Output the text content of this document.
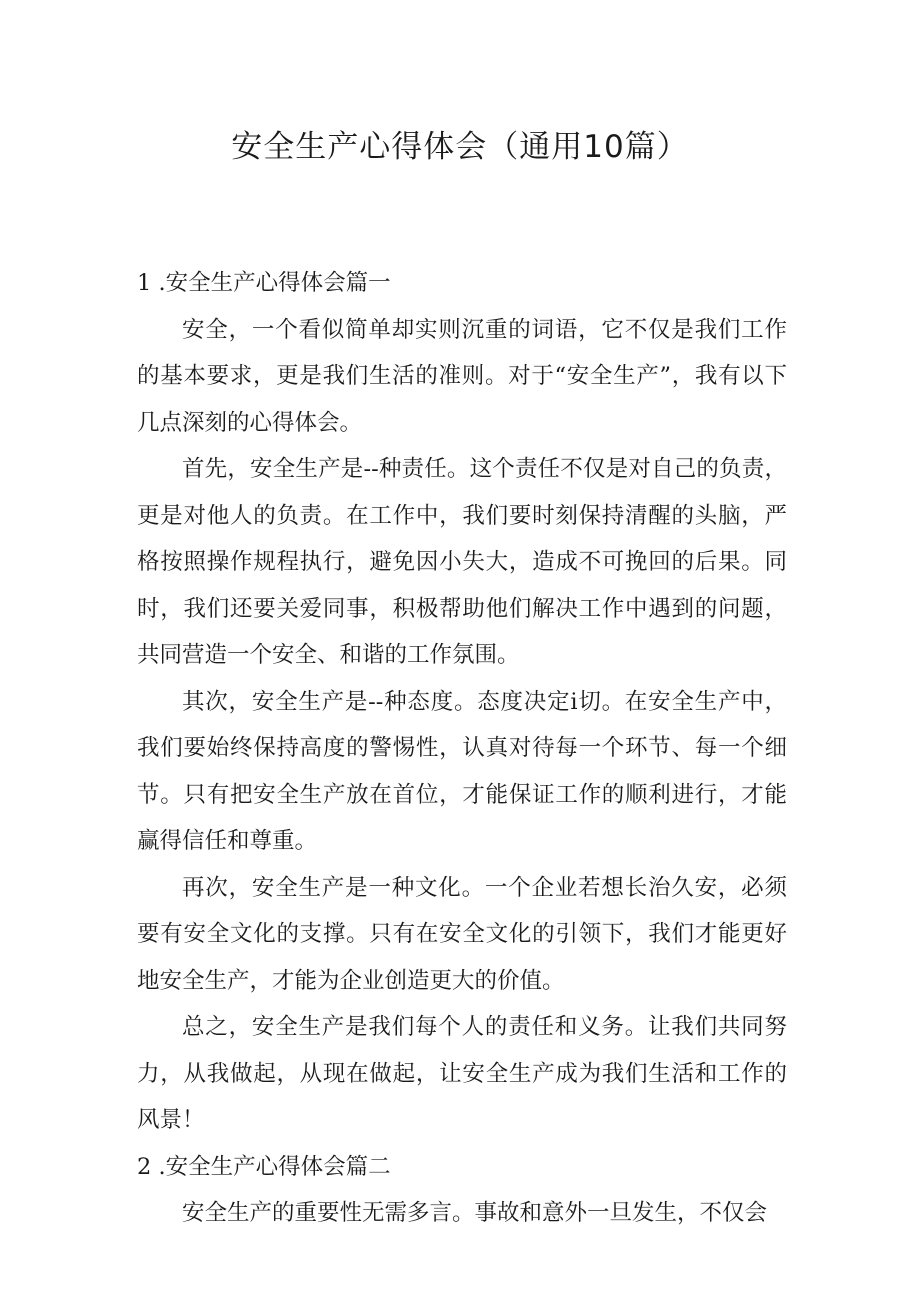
安全生产心得体会（通用10篇）
1 .安全生产心得体会篇一

安全，一个看似简单却实则沉重的词语，它不仅是我们工作的基本要求，更是我们生活的准则。对于“安全生产”，我有以下几点深刻的心得体会。

首先，安全生产是--种责任。这个责任不仅是对自己的负责，更是对他人的负责。在工作中，我们要时刻保持清醒的头脑，严格按照操作规程执行，避免因小失大，造成不可挽回的后果。同时，我们还要关爱同事，积极帮助他们解决工作中遇到的问题，共同营造一个安全、和谐的工作氛围。

其次，安全生产是--种态度。态度决定i切。在安全生产中，我们要始终保持高度的警惕性，认真对待每一个环节、每一个细节。只有把安全生产放在首位，才能保证工作的顺利进行，才能赢得信任和尊重。

再次，安全生产是一种文化。一个企业若想长治久安，必须要有安全文化的支撑。只有在安全文化的引领下，我们才能更好地安全生产，才能为企业创造更大的价值。

总之，安全生产是我们每个人的责任和义务。让我们共同努力，从我做起，从现在做起，让安全生产成为我们生活和工作的风景！

2 .安全生产心得体会篇二

安全生产的重要性无需多言。事故和意外一旦发生，不仅会
